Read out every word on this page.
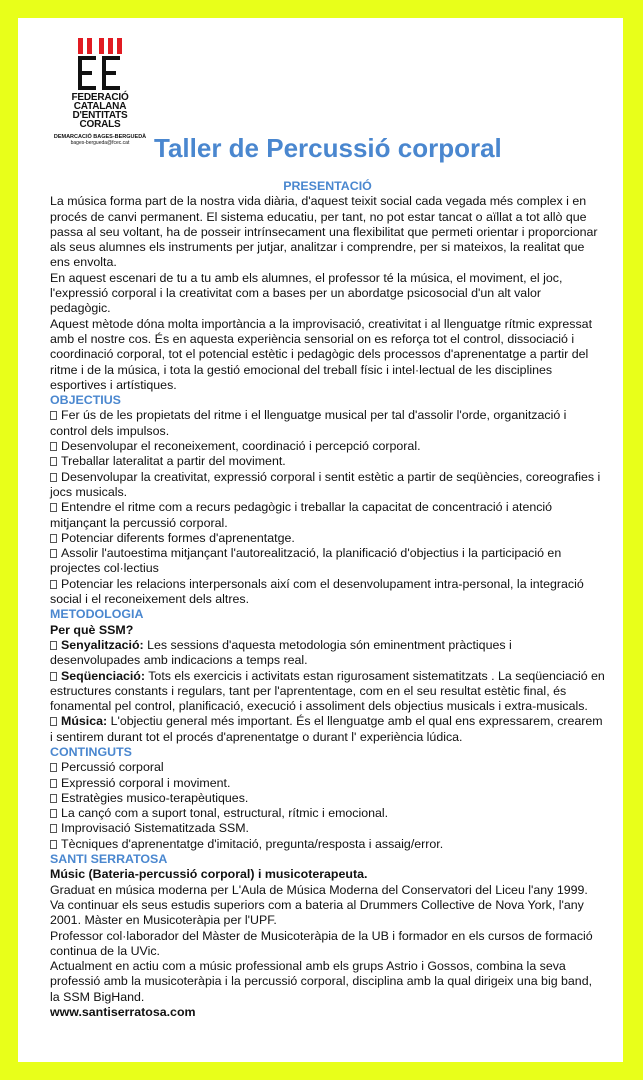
FEDERACIÓ
CATALANA
D'ENTITATS
CORALS
DEMARCACIÓ BAGES-BERGUEDÀ
bages-bergueda@fcec.cat Taller de Percussió corporal

PRESENTACIÓ

La música forma part de la nostra vida diària, d'aquest teixit social cada vegada més complex i en procés de canvi permanent. El sistema educatiu, per tant, no pot estar tancat o aïllat a tot allò que passa al seu voltant, ha de posseir intrínsecament una flexibilitat que permeti orientar i proporcionar als seus alumnes els instruments per jutjar, analitzar i comprendre, per si mateixos, la realitat que ens envolta.

En aquest escenari de tu a tu amb els alumnes, el professor té la música, el moviment, el joc, l'expressió corporal i la creativitat com a bases per un abordatge psicosocial d'un alt valor pedagògic.

Aquest mètode dóna molta importància a la improvisació, creativitat i al llenguatge rítmic expressat amb el nostre cos. És en aquesta experiència sensorial on es reforça tot el control, dissociació i coordinació corporal, tot el potencial estètic i pedagògic dels processos d'aprenentatge a partir del ritme i de la música, i tota la gestió emocional del treball físic i intel·lectual de les disciplines esportives i artístiques.

OBJECTIUS

Fer ús de les propietats del ritme i el llenguatge musical per tal d'assolir l'orde, organització i control dels impulsos.
Desenvolupar el reconeixement, coordinació i percepció corporal.
Treballar lateralitat a partir del moviment.
Desenvolupar la creativitat, expressió corporal i sentit estètic a partir de seqüències, coreografies i jocs musicals.
Entendre el ritme com a recurs pedagògic i treballar la capacitat de concentració i atenció mitjançant la percussió corporal.
Potenciar diferents formes d'aprenentatge.
Assolir l'autoestima mitjançant l'autorealització, la planificació d'objectius i la participació en projectes col·lectius
Potenciar les relacions interpersonals així com el desenvolupament intra-personal, la integració social i el reconeixement dels altres.

METODOLOGIA

Per què SSM?

Senyalització: Les sessions d'aquesta metodologia són eminentment pràctiques i desenvolupades amb indicacions a temps real.
Seqüenciació: Tots els exercicis i activitats estan rigurosament sistematitzats . La seqüenciació en estructures constants i regulars, tant per l'aprententage, com en el seu resultat estètic final, és fonamental pel control, planificació, execució i assoliment dels objectius musicals i extra-musicals.
Música: L'objectiu general més important. És el llenguatge amb el qual ens expressarem, crearem i sentirem durant tot el procés d'aprenentatge o durant l' experiència lúdica.

CONTINGUTS

Percussió corporal
Expressió corporal i moviment.
Estratègies musico-terapèutiques.
La cançó com a suport tonal, estructural, rítmic i emocional.
Improvisació Sistematitzada SSM.
Tècniques d'aprenentatge d'imitació, pregunta/resposta i assaig/error.

SANTI SERRATOSA

Músic (Bateria-percussió corporal) i musicoterapeuta.

Graduat en música moderna per L'Aula de Música Moderna del Conservatori del Liceu l'any 1999. Va continuar els seus estudis superiors com a bateria al Drummers Collective de Nova York, l'any 2001. Màster en Musicoteràpia per l'UPF.

Professor col·laborador del Màster de Musicoteràpia de la UB i formador en els cursos de formació continua de la UVic.

Actualment en actiu com a músic professional amb els grups Astrio i Gossos, combina la seva professió amb la musicoteràpia i la percussió corporal, disciplina amb la qual dirigeix una big band, la SSM BigHand.

www.santiserratosa.com
